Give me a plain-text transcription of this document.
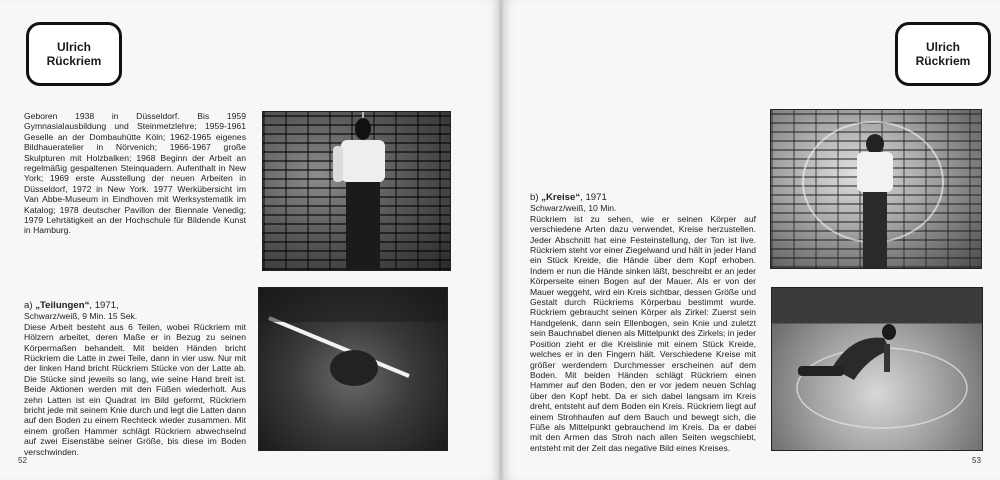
Ulrich
Rückriem

Geboren 1938 in Düsseldorf. Bis 1959 Gymnasialausbildung und Steinmetzlehre; 1959-1961 Geselle an der Dombauhütte Köln; 1962-1965 eigenes Bildhaueratelier in Nörvenich; 1966-1967 große Skulpturen mit Holzbalken; 1968 Beginn der Arbeit an regelmäßig gespaltenen Steinquadern. Aufenthalt in New York; 1969 erste Ausstellung der neuen Arbeiten in Düsseldorf, 1972 in New York. 1977 Werkübersicht im Van Abbe-Museum in Eindhoven mit Werksystematik im Katalog; 1978 deutscher Pavillon der Biennale Venedig; 1979 Lehrtätigkeit an der Hochschule für Bildende Kunst in Hamburg.

a) „Teilungen“, 1971,

Schwarz/weiß, 9 Min. 15 Sek.

Diese Arbeit besteht aus 6 Teilen, wobei Rückriem mit Hölzern arbeitet, deren Maße er in Bezug zu seinen Körpermaßen behandelt. Mit beiden Händen bricht Rückriem die Latte in zwei Teile, dann in vier usw. Nur mit der linken Hand bricht Rückriem Stücke von der Latte ab. Die Stücke sind jeweils so lang, wie seine Hand breit ist. Beide Aktionen werden mit den Füßen wiederholt. Aus zehn Latten ist ein Quadrat im Bild geformt, Rückriem bricht jede mit seinem Knie durch und legt die Latten dann auf den Boden zu einem Rechteck wieder zusammen. Mit einem großen Hammer schlägt Rückriem abwechselnd auf zwei Eisenstäbe seiner Größe, bis diese im Boden verschwinden.

52
Ulrich
Rückriem
b) „Kreise“, 1971

Schwarz/weiß, 10 Min.

Rückriem ist zu sehen, wie er seinen Körper auf verschiedene Arten dazu verwendet, Kreise herzustellen. Jeder Abschnitt hat eine Festeinstellung, der Ton ist live. Rückriem steht vor einer Ziegelwand und hält in jeder Hand ein Stück Kreide, die Hände über dem Kopf erhoben. Indem er nun die Hände sinken läßt, beschreibt er an jeder Körperseite einen Bogen auf der Mauer. Als er von der Mauer weggeht, wird ein Kreis sichtbar, dessen Größe und Gestalt durch Rückriems Körperbau bestimmt wurde. Rückriem gebraucht seinen Körper als Zirkel: Zuerst sein Handgelenk, dann sein Ellenbogen, sein Knie und zuletzt sein Bauchnabel dienen als Mittelpunkt des Zirkels; in jeder Position zieht er die Kreislinie mit einem Stück Kreide, welches er in den Fingern hält. Verschiedene Kreise mit größer werdendem Durchmesser erscheinen auf dem Boden. Mit beiden Händen schlägt Rückriem einen Hammer auf den Boden, den er vor jedem neuen Schlag über den Kopf hebt. Da er sich dabei langsam im Kreis dreht, entsteht auf dem Boden ein Kreis. Rückriem liegt auf einem Strohhaufen auf dem Bauch und bewegt sich, die Füße als Mittelpunkt gebrauchend im Kreis. Da er dabei mit den Armen das Stroh nach allen Seiten wegschiebt, entsteht mit der Zeit das negative Bild eines Kreises.

53
